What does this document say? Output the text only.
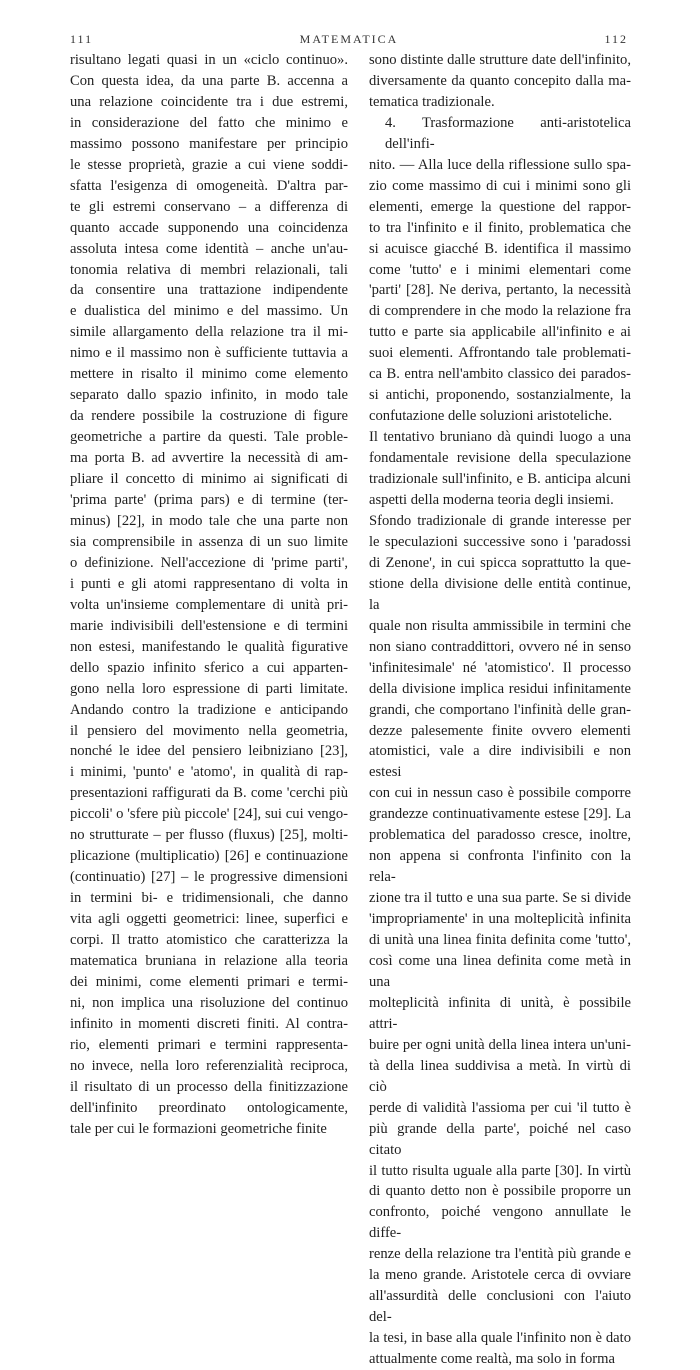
111	MATEMATICA	112
risultano legati quasi in un «ciclo continuo».
Con questa idea, da una parte B. accenna a
una relazione coincidente tra i due estremi,
in considerazione del fatto che minimo e
massimo possono manifestare per principio
le stesse proprietà, grazie a cui viene soddi-
sfatta l'esigenza di omogeneità. D'altra par-
te gli estremi conservano – a differenza di
quanto accade supponendo una coincidenza
assoluta intesa come identità – anche un'au-
tonomia relativa di membri relazionali, tali
da consentire una trattazione indipendente
e dualistica del minimo e del massimo. Un
simile allargamento della relazione tra il mi-
nimo e il massimo non è sufficiente tuttavia a
mettere in risalto il minimo come elemento
separato dallo spazio infinito, in modo tale
da rendere possibile la costruzione di figure
geometriche a partire da questi. Tale proble-
ma porta B. ad avvertire la necessità di am-
pliare il concetto di minimo ai significati di
'prima parte' (prima pars) e di termine (ter-
minus) [22], in modo tale che una parte non
sia comprensibile in assenza di un suo limite
o definizione. Nell'accezione di 'prime parti',
i punti e gli atomi rappresentano di volta in
volta un'insieme complementare di unità pri-
marie indivisibili dell'estensione e di termini
non estesi, manifestando le qualità figurative
dello spazio infinito sferico a cui apparten-
gono nella loro espressione di parti limitate.
Andando contro la tradizione e anticipando
il pensiero del movimento nella geometria,
nonché le idee del pensiero leibniziano [23],
i minimi, 'punto' e 'atomo', in qualità di rap-
presentazioni raffigurati da B. come 'cerchi più
piccoli' o 'sfere più piccole' [24], sui cui vengo-
no strutturate – per flusso (fluxus) [25], molti-
plicazione (multiplicatio) [26] e continuazione
(continuatio) [27] – le progressive dimensioni
in termini bi- e tridimensionali, che danno
vita agli oggetti geometrici: linee, superfici e
corpi. Il tratto atomistico che caratterizza la
matematica bruniana in relazione alla teoria
dei minimi, come elementi primari e termi-
ni, non implica una risoluzione del continuo
infinito in momenti discreti finiti. Al contra-
rio, elementi primari e termini rappresenta-
no invece, nella loro referenzialità reciproca,
il risultato di un processo della finitizzazione
dell'infinito preordinato ontologicamente,
tale per cui le formazioni geometriche finite
sono distinte dalle strutture date dell'infinito,
diversamente da quanto concepito dalla ma-
tematica tradizionale.
4. Trasformazione anti-aristotelica dell'infi-
nito. — Alla luce della riflessione sullo spa-
zio come massimo di cui i minimi sono gli
elementi, emerge la questione del rappor-
to tra l'infinito e il finito, problematica che
si acuisce giacché B. identifica il massimo
come 'tutto' e i minimi elementari come
'parti' [28]. Ne deriva, pertanto, la necessità
di comprendere in che modo la relazione fra
tutto e parte sia applicabile all'infinito e ai
suoi elementi. Affrontando tale problemati-
ca B. entra nell'ambito classico dei parados-
si antichi, proponendo, sostanzialmente, la
confutazione delle soluzioni aristoteliche.
Il tentativo bruniano dà quindi luogo a una
fondamentale revisione della speculazione
tradizionale sull'infinito, e B. anticipa alcuni
aspetti della moderna teoria degli insiemi.
Sfondo tradizionale di grande interesse per
le speculazioni successive sono i 'paradossi
di Zenone', in cui spicca soprattutto la que-
stione della divisione delle entità continue, la
quale non risulta ammissibile in termini che
non siano contraddittori, ovvero né in senso
'infinitesimale' né 'atomistico'. Il processo
della divisione implica residui infinitamente
grandi, che comportano l'infinità delle gran-
dezze palesemente finite ovvero elementi
atomistici, vale a dire indivisibili e non estesi
con cui in nessun caso è possibile comporre
grandezze continuativamente estese [29]. La
problematica del paradosso cresce, inoltre,
non appena si confronta l'infinito con la rela-
zione tra il tutto e una sua parte. Se si divide
'impropriamente' in una molteplicità infinita
di unità una linea finita definita come 'tutto',
così come una linea definita come metà in una
molteplicità infinita di unità, è possibile attri-
buire per ogni unità della linea intera un'uni-
tà della linea suddivisa a metà. In virtù di ciò
perde di validità l'assioma per cui 'il tutto è
più grande della parte', poiché nel caso citato
il tutto risulta uguale alla parte [30]. In virtù
di quanto detto non è possibile proporre un
confronto, poiché vengono annullate le diffe-
renze della relazione tra l'entità più grande e
la meno grande. Aristotele cerca di ovviare
all'assurdità delle conclusioni con l'aiuto del-
la tesi, in base alla quale l'infinito non è dato
attualmente come realtà, ma solo in forma
